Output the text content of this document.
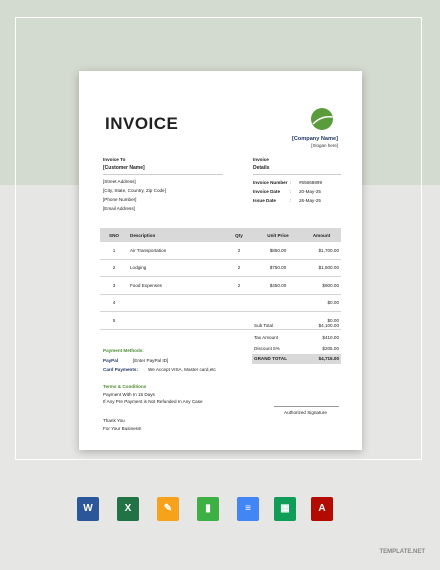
INVOICE
[Company Name]
[Slogan here]
Invoice To
[Customer Name]
[Street Address]
[City, State, Country, Zip Code]
[Phone Number]
[Email Address]
Invoice
Details
Invoice Number : #55668899
Invoice Date : 20-May-25
Issue Date	: 26-May-25
SNO	Description	Qty	Unit Price	Amount
1	Air Transportation	2	$850.00	$1,700.00
2	Lodging	2	$750.00	$1,500.00
3	Food Expenses	2	$450.00	$900.00
4				$0.00
5				$0.00
Sub Total	$4,100.00
Tax Amount	$410.00
Discount 5%	$205.00
GRAND TOTAL	$4,715.00
Payment Methods:
PayPal	[Enter PayPal ID]
Card Payments: We Accept VISA, Master card,etc
Terms & Conditions
Payment With In 15 Days
If Any Pre Payment is Not Refunded In Any Case
Authorized Signature
Thank You
For Your Business!
W	X	✎	▮	≡	▦	A
TEMPLATE.NET
